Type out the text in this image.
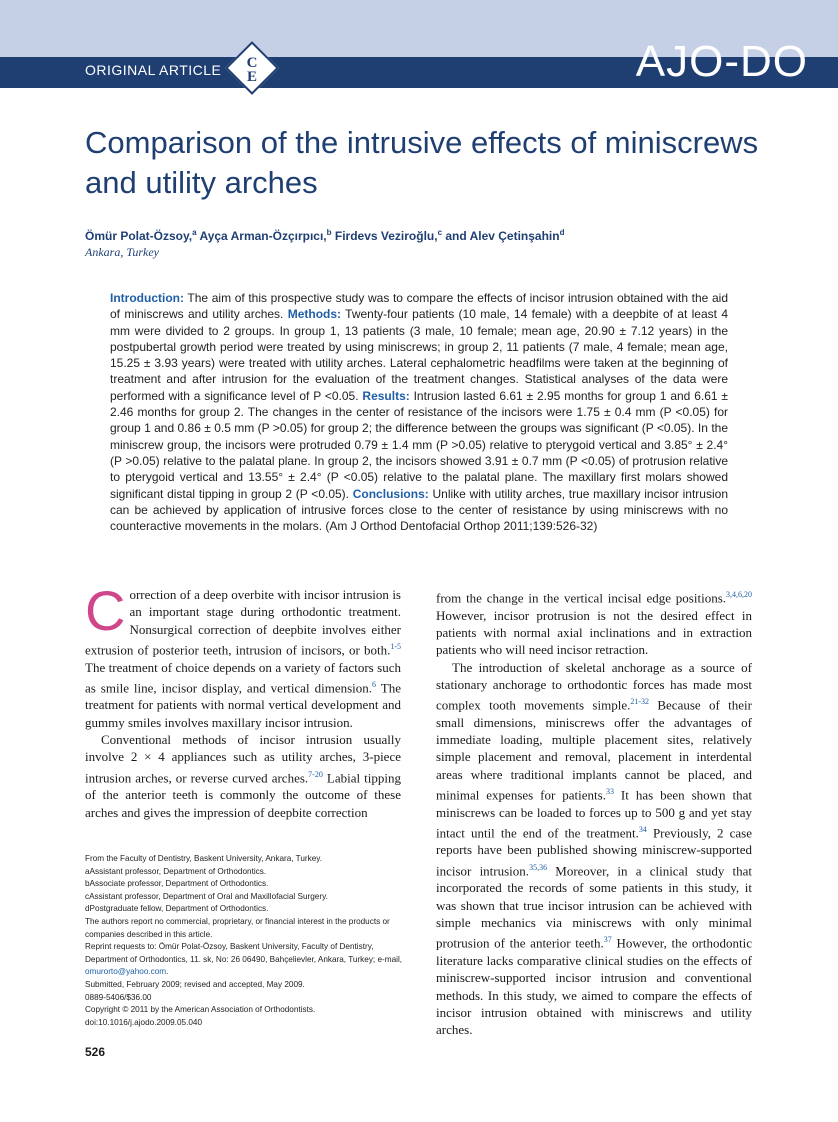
ORIGINAL ARTICLE	C
E	AJO-DO
Comparison of the intrusive effects of miniscrews and utility arches
Ömür Polat-Özsoy,$^a$ Ayça Arman-Özçırpıcı,$^b$ Firdevs Veziroğlu,$^c$ and Alev Çetinşahin$^d$
Ankara, Turkey
Introduction: The aim of this prospective study was to compare the effects of incisor intrusion obtained with the aid of miniscrews and utility arches. Methods: Twenty-four patients (10 male, 14 female) with a deepbite of at least 4 mm were divided to 2 groups. In group 1, 13 patients (3 male, 10 female; mean age, 20.90 ± 7.12 years) in the postpubertal growth period were treated by using miniscrews; in group 2, 11 patients (7 male, 4 female; mean age, 15.25 ± 3.93 years) were treated with utility arches. Lateral cephalometric headfilms were taken at the beginning of treatment and after intrusion for the evaluation of the treatment changes. Statistical analyses of the data were performed with a significance level of P <0.05. Results: Intrusion lasted 6.61 ± 2.95 months for group 1 and 6.61 ± 2.46 months for group 2. The changes in the center of resistance of the incisors were 1.75 ± 0.4 mm (P <0.05) for group 1 and 0.86 ± 0.5 mm (P >0.05) for group 2; the difference between the groups was significant (P <0.05). In the miniscrew group, the incisors were protruded 0.79 ± 1.4 mm (P >0.05) relative to pterygoid vertical and 3.85° ± 2.4° (P >0.05) relative to the palatal plane. In group 2, the incisors showed 3.91 ± 0.7 mm (P <0.05) of protrusion relative to pterygoid vertical and 13.55° ± 2.4° (P <0.05) relative to the palatal plane. The maxillary first molars showed significant distal tipping in group 2 (P <0.05). Conclusions: Unlike with utility arches, true maxillary incisor intrusion can be achieved by application of intrusive forces close to the center of resistance by using miniscrews with no counteractive movements in the molars. (Am J Orthod Dentofacial Orthop 2011;139:526-32)

Correction of a deep overbite with incisor intrusion is an important stage during orthodontic treatment. Nonsurgical correction of deepbite involves either extrusion of posterior teeth, intrusion of incisors, or both.$^{1-5}$ The treatment of choice depends on a variety of factors such as smile line, incisor display, and vertical dimension.$^6$ The treatment for patients with normal vertical development and gummy smiles involves maxillary incisor intrusion.

Conventional methods of incisor intrusion usually involve 2 × 4 appliances such as utility arches, 3-piece intrusion arches, or reverse curved arches.$^{7-20}$ Labial tipping of the anterior teeth is commonly the outcome of these arches and gives the impression of deepbite correction

from the change in the vertical incisal edge positions.$^{3,4,6,20}$ However, incisor protrusion is not the desired effect in patients with normal axial inclinations and in extraction patients who will need incisor retraction.

The introduction of skeletal anchorage as a source of stationary anchorage to orthodontic forces has made most complex tooth movements simple.$^{21-32}$ Because of their small dimensions, miniscrews offer the advantages of immediate loading, multiple placement sites, relatively simple placement and removal, placement in interdental areas where traditional implants cannot be placed, and minimal expenses for patients.$^{33}$ It has been shown that miniscrews can be loaded to forces up to 500 g and yet stay intact until the end of the treatment.$^{34}$ Previously, 2 case reports have been published showing miniscrew-supported incisor intrusion.$^{35,36}$ Moreover, in a clinical study that incorporated the records of some patients in this study, it was shown that true incisor intrusion can be achieved with simple mechanics via miniscrews with only minimal protrusion of the anterior teeth.$^{37}$ However, the orthodontic literature lacks comparative clinical studies on the effects of miniscrew-supported incisor intrusion and conventional methods. In this study, we aimed to compare the effects of incisor intrusion obtained with miniscrews and utility arches.

From the Faculty of Dentistry, Baskent University, Ankara, Turkey.
aAssistant professor, Department of Orthodontics.
bAssociate professor, Department of Orthodontics.
cAssistant professor, Department of Oral and Maxillofacial Surgery.
dPostgraduate fellow, Department of Orthodontics.
The authors report no commercial, proprietary, or financial interest in the products or companies described in this article.
Reprint requests to: Ömür Polat-Özsoy, Baskent University, Faculty of Dentistry, Department of Orthodontics, 11. sk, No: 26 06490, Bahçelievler, Ankara, Turkey; e-mail, omurorto@yahoo.com.
Submitted, February 2009; revised and accepted, May 2009.
0889-5406/$36.00
Copyright © 2011 by the American Association of Orthodontists.
doi:10.1016/j.ajodo.2009.05.040
526
